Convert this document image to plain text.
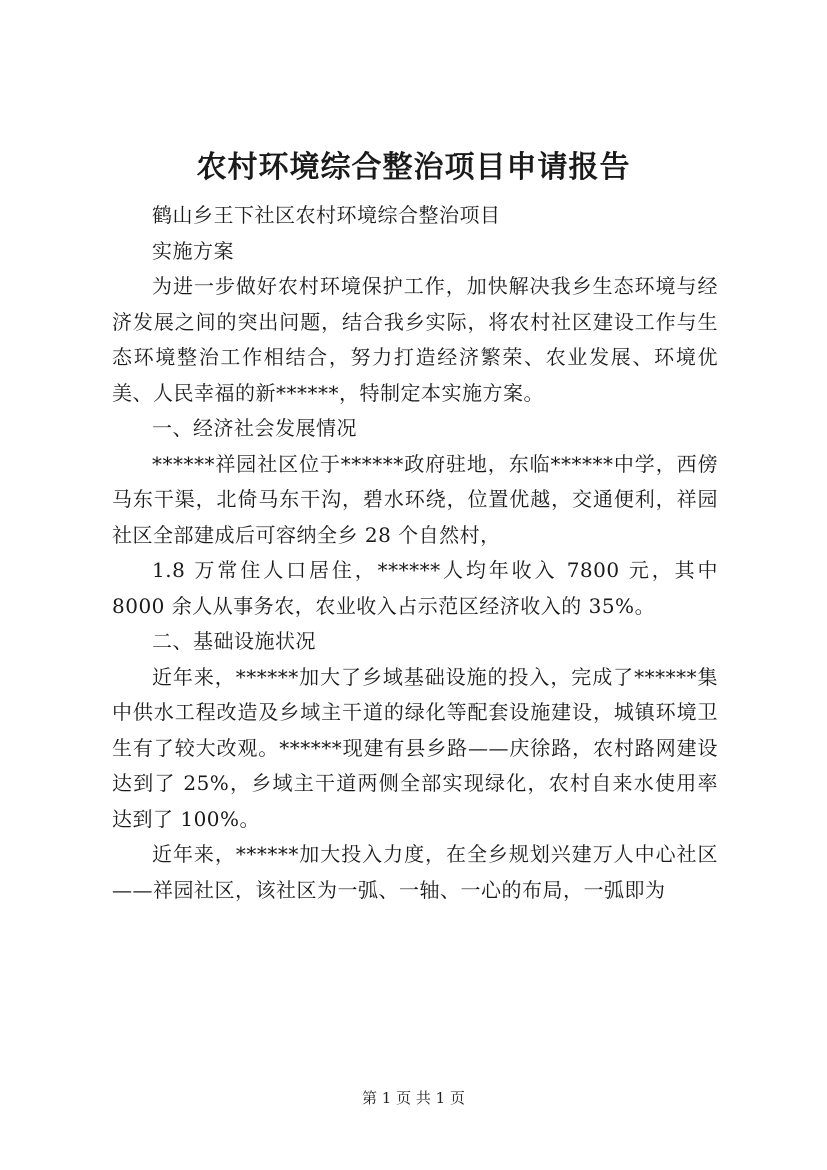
农村环境综合整治项目申请报告

鹤山乡王下社区农村环境综合整治项目

实施方案

为进一步做好农村环境保护工作，加快解决我乡生态环境与经济发展之间的突出问题，结合我乡实际，将农村社区建设工作与生态环境整治工作相结合，努力打造经济繁荣、农业发展、环境优美、人民幸福的新******，特制定本实施方案。

一、经济社会发展情况

******祥园社区位于******政府驻地，东临******中学，西傍马东干渠，北倚马东干沟，碧水环绕，位置优越，交通便利，祥园社区全部建成后可容纳全乡 28 个自然村，

1.8 万常住人口居住，******人均年收入 7800 元，其中 8000 余人从事务农，农业收入占示范区经济收入的 35%。

二、基础设施状况

近年来，******加大了乡域基础设施的投入，完成了******集中供水工程改造及乡域主干道的绿化等配套设施建设，城镇环境卫生有了较大改观。******现建有县乡路——庆徐路，农村路网建设达到了 25%，乡域主干道两侧全部实现绿化，农村自来水使用率达到了 100%。

近年来，******加大投入力度，在全乡规划兴建万人中心社区——祥园社区，该社区为一弧、一轴、一心的布局，一弧即为

第 1 页 共 1 页
